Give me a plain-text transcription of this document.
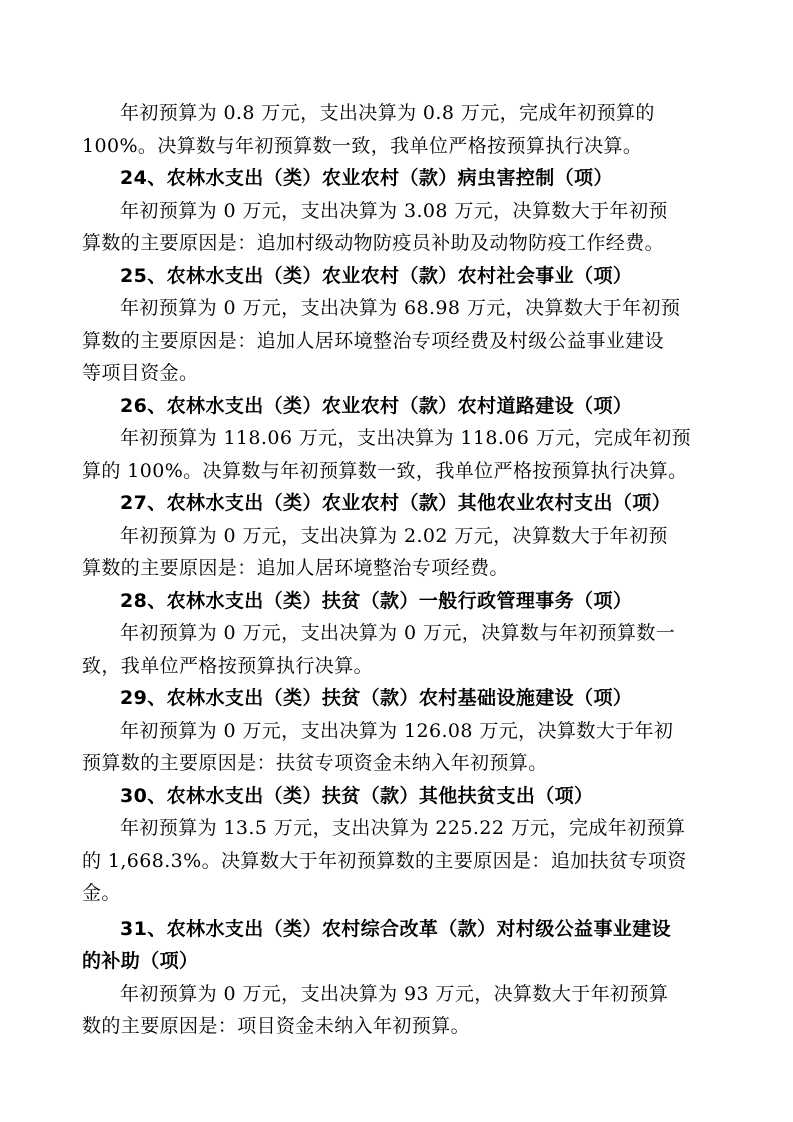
年初预算为 0.8 万元，支出决算为 0.8 万元，完成年初预算的
100%。决算数与年初预算数一致，我单位严格按预算执行决算。
24、农林水支出（类）农业农村（款）病虫害控制（项）
年初预算为 0 万元，支出决算为 3.08 万元，决算数大于年初预
算数的主要原因是：追加村级动物防疫员补助及动物防疫工作经费。
25、农林水支出（类）农业农村（款）农村社会事业（项）
年初预算为 0 万元，支出决算为 68.98 万元，决算数大于年初预
算数的主要原因是：追加人居环境整治专项经费及村级公益事业建设
等项目资金。
26、农林水支出（类）农业农村（款）农村道路建设（项）
年初预算为 118.06 万元，支出决算为 118.06 万元，完成年初预
算的 100%。决算数与年初预算数一致，我单位严格按预算执行决算。
27、农林水支出（类）农业农村（款）其他农业农村支出（项）
年初预算为 0 万元，支出决算为 2.02 万元，决算数大于年初预
算数的主要原因是：追加人居环境整治专项经费。
28、农林水支出（类）扶贫（款）一般行政管理事务（项）
年初预算为 0 万元，支出决算为 0 万元，决算数与年初预算数一
致，我单位严格按预算执行决算。
29、农林水支出（类）扶贫（款）农村基础设施建设（项）
年初预算为 0 万元，支出决算为 126.08 万元，决算数大于年初
预算数的主要原因是：扶贫专项资金未纳入年初预算。
30、农林水支出（类）扶贫（款）其他扶贫支出（项）
年初预算为 13.5 万元，支出决算为 225.22 万元，完成年初预算
的 1,668.3%。决算数大于年初预算数的主要原因是：追加扶贫专项资
金。
31、农林水支出（类）农村综合改革（款）对村级公益事业建设
的补助（项）
年初预算为 0 万元，支出决算为 93 万元，决算数大于年初预算
数的主要原因是：项目资金未纳入年初预算。
